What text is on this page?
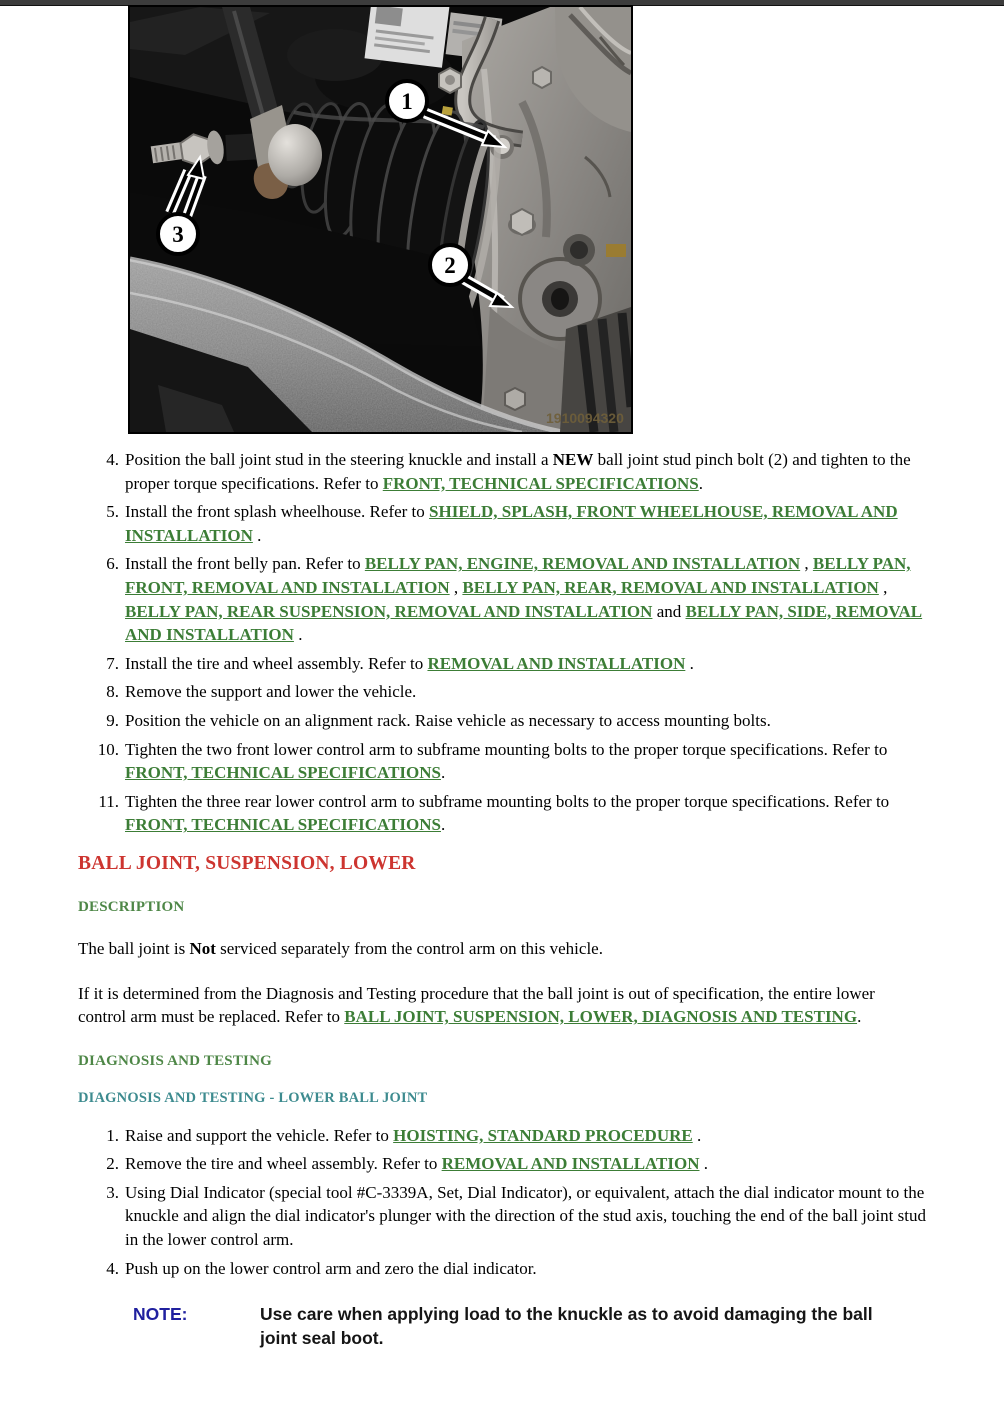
1910094320
1
2
3
4. Position the ball joint stud in the steering knuckle and install a NEW ball joint stud pinch bolt (2) and tighten to the proper torque specifications. Refer to FRONT, TECHNICAL SPECIFICATIONS.
5. Install the front splash wheelhouse. Refer to SHIELD, SPLASH, FRONT WHEELHOUSE, REMOVAL AND INSTALLATION .
6. Install the front belly pan. Refer to BELLY PAN, ENGINE, REMOVAL AND INSTALLATION , BELLY PAN, FRONT, REMOVAL AND INSTALLATION , BELLY PAN, REAR, REMOVAL AND INSTALLATION , BELLY PAN, REAR SUSPENSION, REMOVAL AND INSTALLATION and BELLY PAN, SIDE, REMOVAL AND INSTALLATION .
7. Install the tire and wheel assembly. Refer to REMOVAL AND INSTALLATION .
8. Remove the support and lower the vehicle.
9. Position the vehicle on an alignment rack. Raise vehicle as necessary to access mounting bolts.
10. Tighten the two front lower control arm to subframe mounting bolts to the proper torque specifications. Refer to FRONT, TECHNICAL SPECIFICATIONS.
11. Tighten the three rear lower control arm to subframe mounting bolts to the proper torque specifications. Refer to FRONT, TECHNICAL SPECIFICATIONS.
BALL JOINT, SUSPENSION, LOWER
DESCRIPTION

The ball joint is Not serviced separately from the control arm on this vehicle.

If it is determined from the Diagnosis and Testing procedure that the ball joint is out of specification, the entire lower control arm must be replaced. Refer to BALL JOINT, SUSPENSION, LOWER, DIAGNOSIS AND TESTING.

DIAGNOSIS AND TESTING
DIAGNOSIS AND TESTING - LOWER BALL JOINT
1. Raise and support the vehicle. Refer to HOISTING, STANDARD PROCEDURE .
2. Remove the tire and wheel assembly. Refer to REMOVAL AND INSTALLATION .
3. Using Dial Indicator (special tool #C-3339A, Set, Dial Indicator), or equivalent, attach the dial indicator mount to the knuckle and align the dial indicator's plunger with the direction of the stud axis, touching the end of the ball joint stud in the lower control arm.
4. Push up on the lower control arm and zero the dial indicator.
NOTE:	Use care when applying load to the knuckle as to avoid damaging the ball joint seal boot.
